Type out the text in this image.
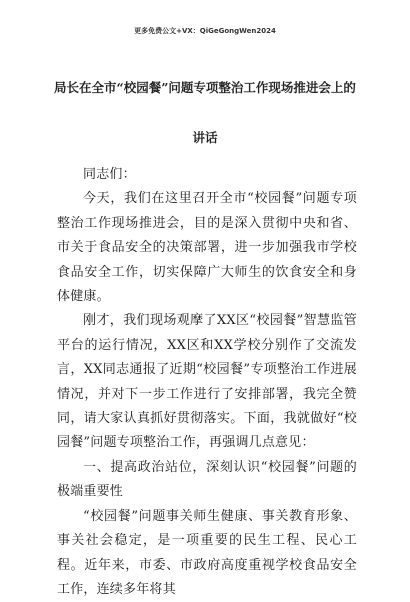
更多免费公文+VX：QiGeGongWen2024
局长在全市“校园餐”问题专项整治工作现场推进会上的
讲话

同志们：

今天，我们在这里召开全市“校园餐”问题专项整治工作现场推进会，目的是深入贯彻中央和省、市关于食品安全的决策部署，进一步加强我市学校食品安全工作，切实保障广大师生的饮食安全和身体健康。

刚才，我们现场观摩了XX区“校园餐”智慧监管平台的运行情况，XX区和XX学校分别作了交流发言，XX同志通报了近期“校园餐”专项整治工作进展情况，并对下一步工作进行了安排部署，我完全赞同，请大家认真抓好贯彻落实。下面，我就做好“校园餐”问题专项整治工作，再强调几点意见：

一、提高政治站位，深刻认识“校园餐”问题的极端重要性

“校园餐”问题事关师生健康、事关教育形象、事关社会稳定，是一项重要的民生工程、民心工程。近年来，市委、市政府高度重视学校食品安全工作，连续多年将其
